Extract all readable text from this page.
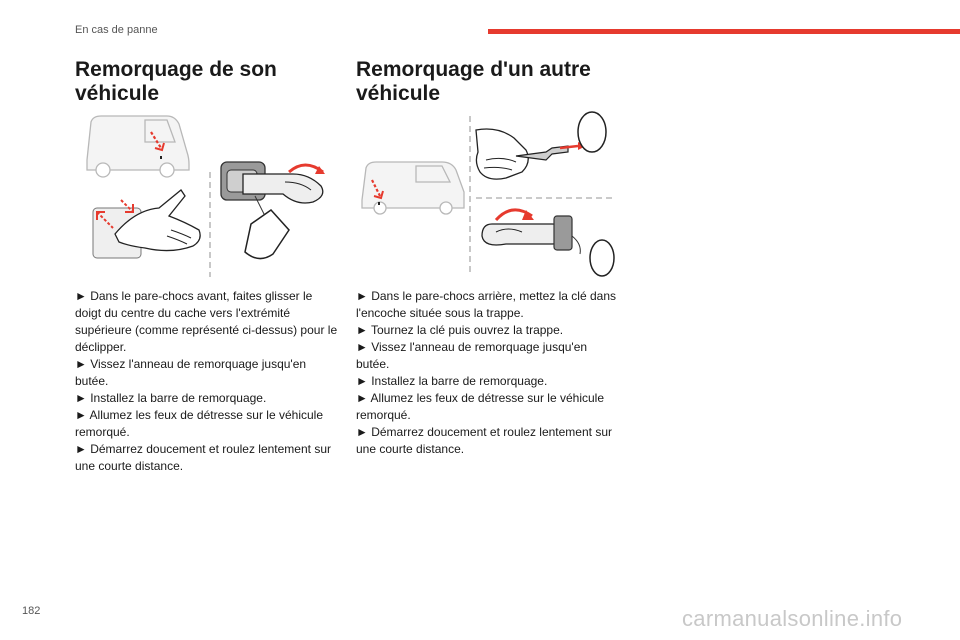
En cas de panne
Remorquage de son
véhicule

► Dans le pare-chocs avant, faites glisser le doigt du centre du cache vers l'extrémité supérieure (comme représenté ci-dessus) pour le déclipper.

► Vissez l'anneau de remorquage jusqu'en butée.

► Installez la barre de remorquage.

► Allumez les feux de détresse sur le véhicule remorqué.

► Démarrez doucement et roulez lentement sur une courte distance.

Remorquage d'un autre
véhicule

► Dans le pare-chocs arrière, mettez la clé dans l'encoche située sous la trappe.

► Tournez la clé puis ouvrez la trappe.

► Vissez l'anneau de remorquage jusqu'en butée.

► Installez la barre de remorquage.

► Allumez les feux de détresse sur le véhicule remorqué.

► Démarrez doucement et roulez lentement sur une courte distance.

182	carmanualsonline.info
